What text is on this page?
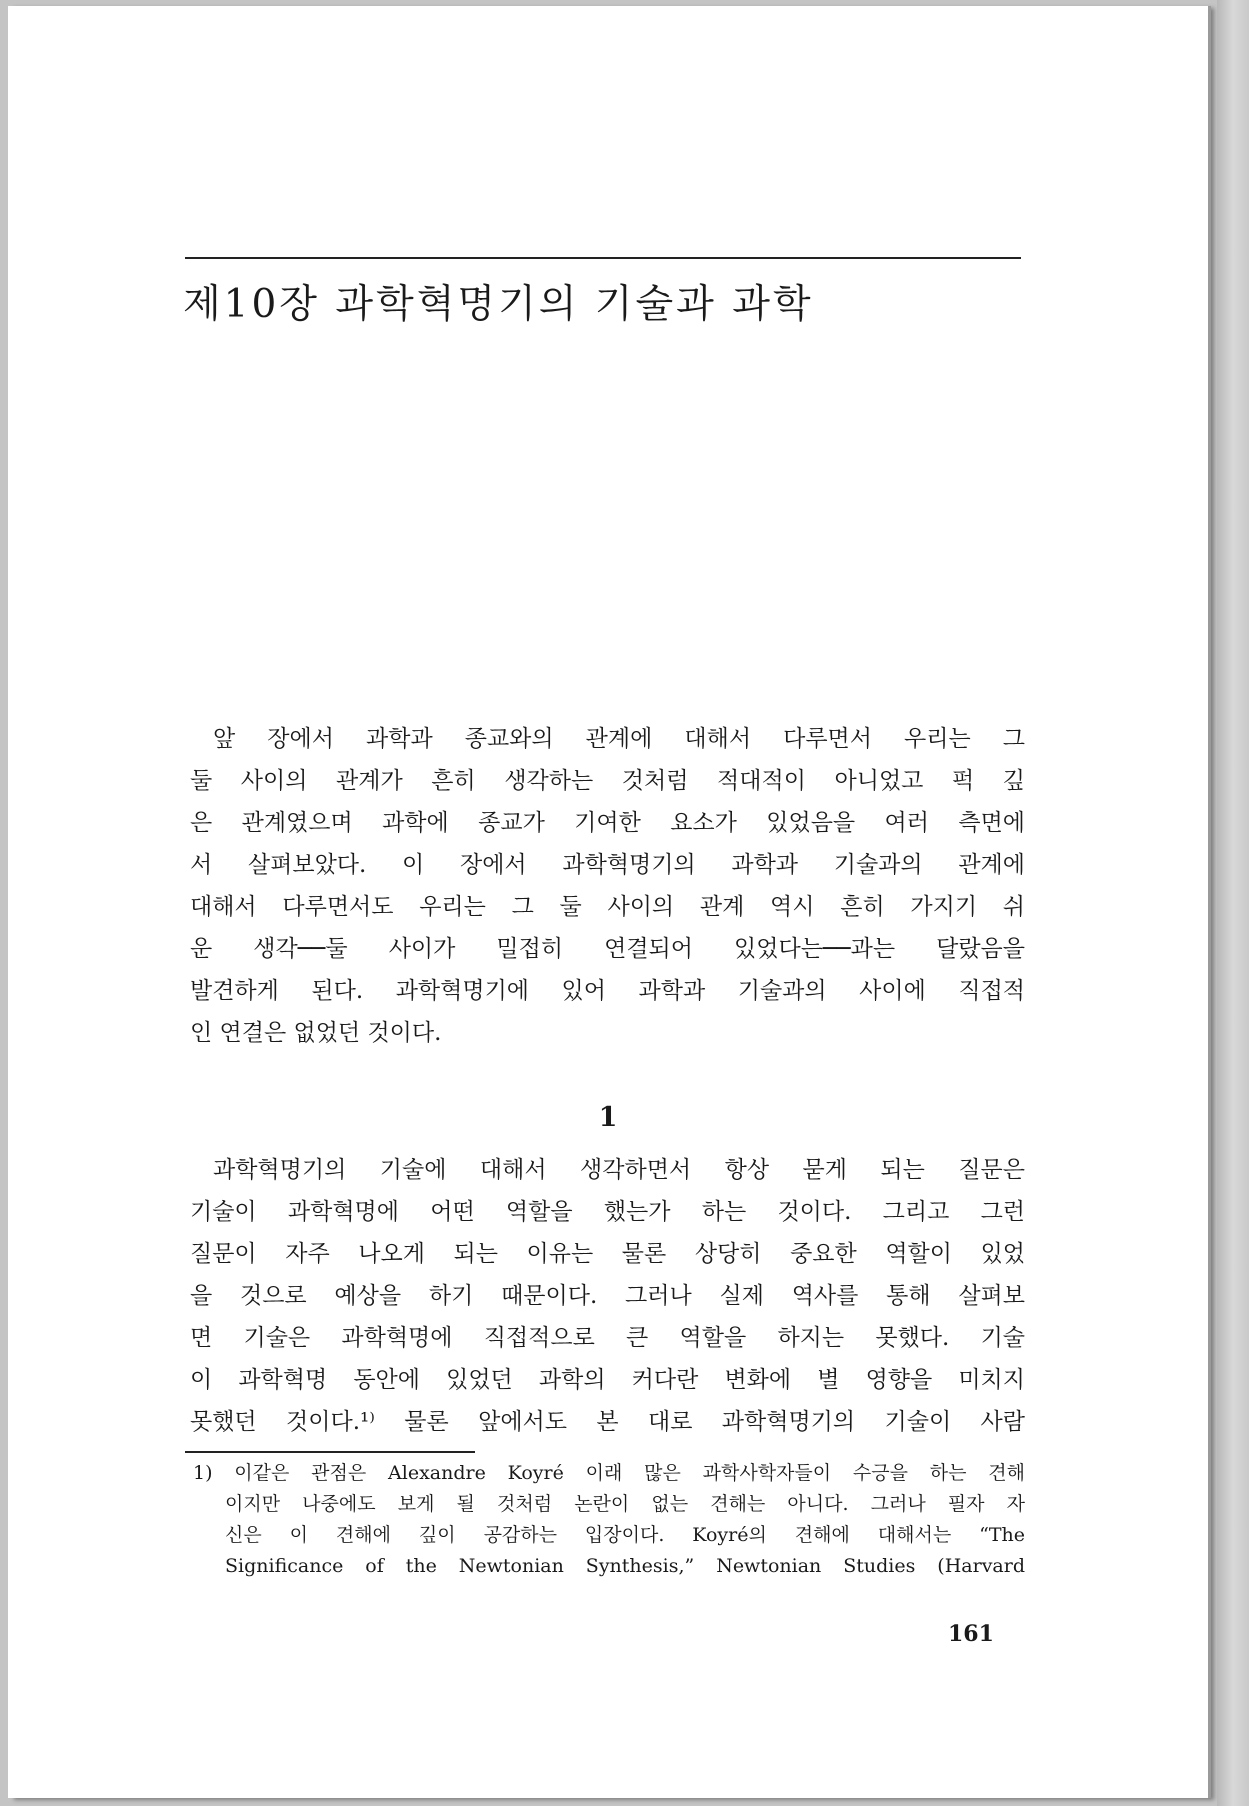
제10장 과학혁명기의 기술과 과학
앞 장에서 과학과 종교와의 관계에 대해서 다루면서 우리는 그
둘 사이의 관계가 흔히 생각하는 것처럼 적대적이 아니었고 퍽 깊
은 관계였으며 과학에 종교가 기여한 요소가 있었음을 여러 측면에
서 살펴보았다. 이 장에서 과학혁명기의 과학과 기술과의 관계에
대해서 다루면서도 우리는 그 둘 사이의 관계 역시 흔히 가지기 쉬
운 생각──둘 사이가 밀접히 연결되어 있었다는──과는 달랐음을
발견하게 된다. 과학혁명기에 있어 과학과 기술과의 사이에 직접적
인 연결은 없었던 것이다.
1
과학혁명기의 기술에 대해서 생각하면서 항상 묻게 되는 질문은
기술이 과학혁명에 어떤 역할을 했는가 하는 것이다. 그리고 그런
질문이 자주 나오게 되는 이유는 물론 상당히 중요한 역할이 있었
을 것으로 예상을 하기 때문이다. 그러나 실제 역사를 통해 살펴보
면 기술은 과학혁명에 직접적으로 큰 역할을 하지는 못했다. 기술
이 과학혁명 동안에 있었던 과학의 커다란 변화에 별 영향을 미치지
못했던 것이다.¹⁾ 물론 앞에서도 본 대로 과학혁명기의 기술이 사람
1) 이같은 관점은 Alexandre Koyré 이래 많은 과학사학자들이 수긍을 하는 견해
이지만 나중에도 보게 될 것처럼 논란이 없는 견해는 아니다. 그러나 필자 자
신은 이 견해에 깊이 공감하는 입장이다. Koyré의 견해에 대해서는 “The
Significance of the Newtonian Synthesis,” Newtonian Studies (Harvard
161
